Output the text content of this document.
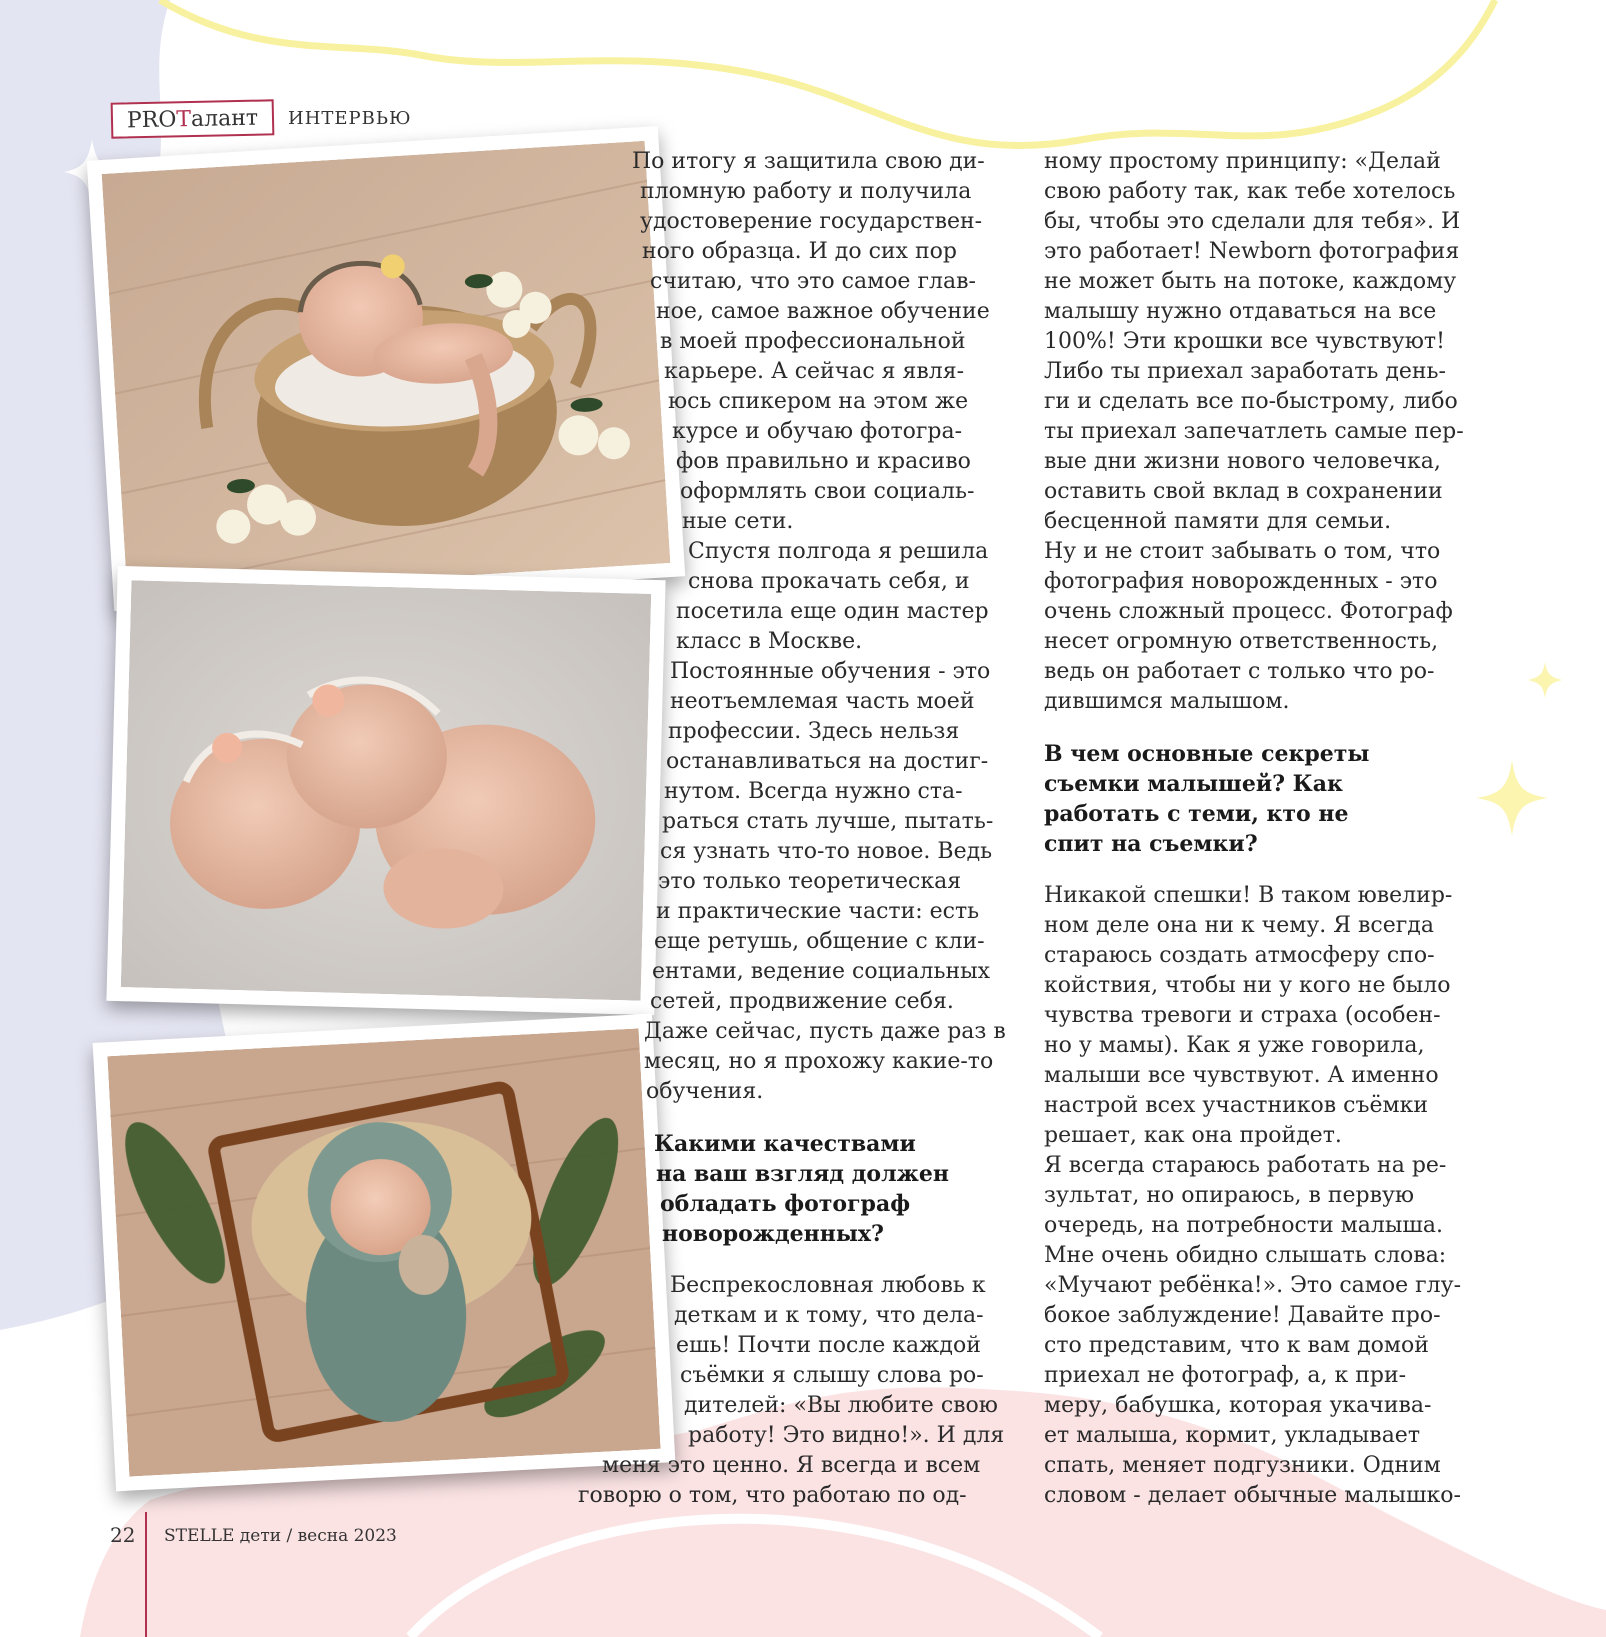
PRO Т алант ИНТЕРВЬЮ

По итогу я защитила свою ди-
пломную работу и получила
удостоверение государствен-
ного образца. И до сих пор
считаю, что это самое глав-
ное, самое важное обучение
в моей профессиональной
карьере. А сейчас я явля-
юсь спикером на этом же
курсе и обучаю фотогра-
фов правильно и красиво
оформлять свои социаль-
ные сети.

Спустя полгода я решила
снова прокачать себя, и
посетила еще один мастер
класс в Москве.

Постоянные обучения - это
неотъемлемая часть моей
профессии. Здесь нельзя
останавливаться на достиг-
нутом. Всегда нужно ста-
раться стать лучше, пытать-
ся узнать что-то новое. Ведь
это только теоретическая
и практические части: есть
еще ретушь, общение с кли-
ентами, ведение социальных
сетей, продвижение себя.
Даже сейчас, пусть даже раз в
месяц, но я прохожу какие-то
обучения.

Какими качествами
на ваш взгляд должен
обладать фотограф
новорожденных?

Беспрекословная любовь к
деткам и к тому, что дела-
ешь! Почти после каждой
съёмки я слышу слова ро-
дителей: «Вы любите свою
работу! Это видно!». И для
меня это ценно. Я всегда и всем
говорю о том, что работаю по од-

ному простому принципу: «Делай
свою работу так, как тебе хотелось
бы, чтобы это сделали для тебя». И
это работает! Newborn фотография
не может быть на потоке, каждому
малышу нужно отдаваться на все
100%! Эти крошки все чувствуют!
Либо ты приехал заработать день-
ги и сделать все по-быстрому, либо
ты приехал запечатлеть самые пер-
вые дни жизни нового человечка,
оставить свой вклад в сохранении
бесценной памяти для семьи.

Ну и не стоит забывать о том, что
фотография новорожденных - это
очень сложный процесс. Фотограф
несет огромную ответственность,
ведь он работает с только что ро-
дившимся малышом.

В чем основные секреты
съемки малышей? Как
работать с теми, кто не
спит на съемки?

Никакой спешки! В таком ювелир-
ном деле она ни к чему. Я всегда
стараюсь создать атмосферу спо-
койствия, чтобы ни у кого не было
чувства тревоги и страха (особен-
но у мамы). Как я уже говорила,
малыши все чувствуют. А именно
настрой всех участников съёмки
решает, как она пройдет.

Я всегда стараюсь работать на ре-
зультат, но опираюсь, в первую
очередь, на потребности малыша.
Мне очень обидно слышать слова:
«Мучают ребёнка!». Это самое глу-
бокое заблуждение! Давайте про-
сто представим, что к вам домой
приехал не фотограф, а, к при-
меру, бабушка, которая укачива-
ет малыша, кормит, укладывает
спать, меняет подгузники. Одним
словом - делает обычные малышко-

22 STELLE дети / весна 2023
